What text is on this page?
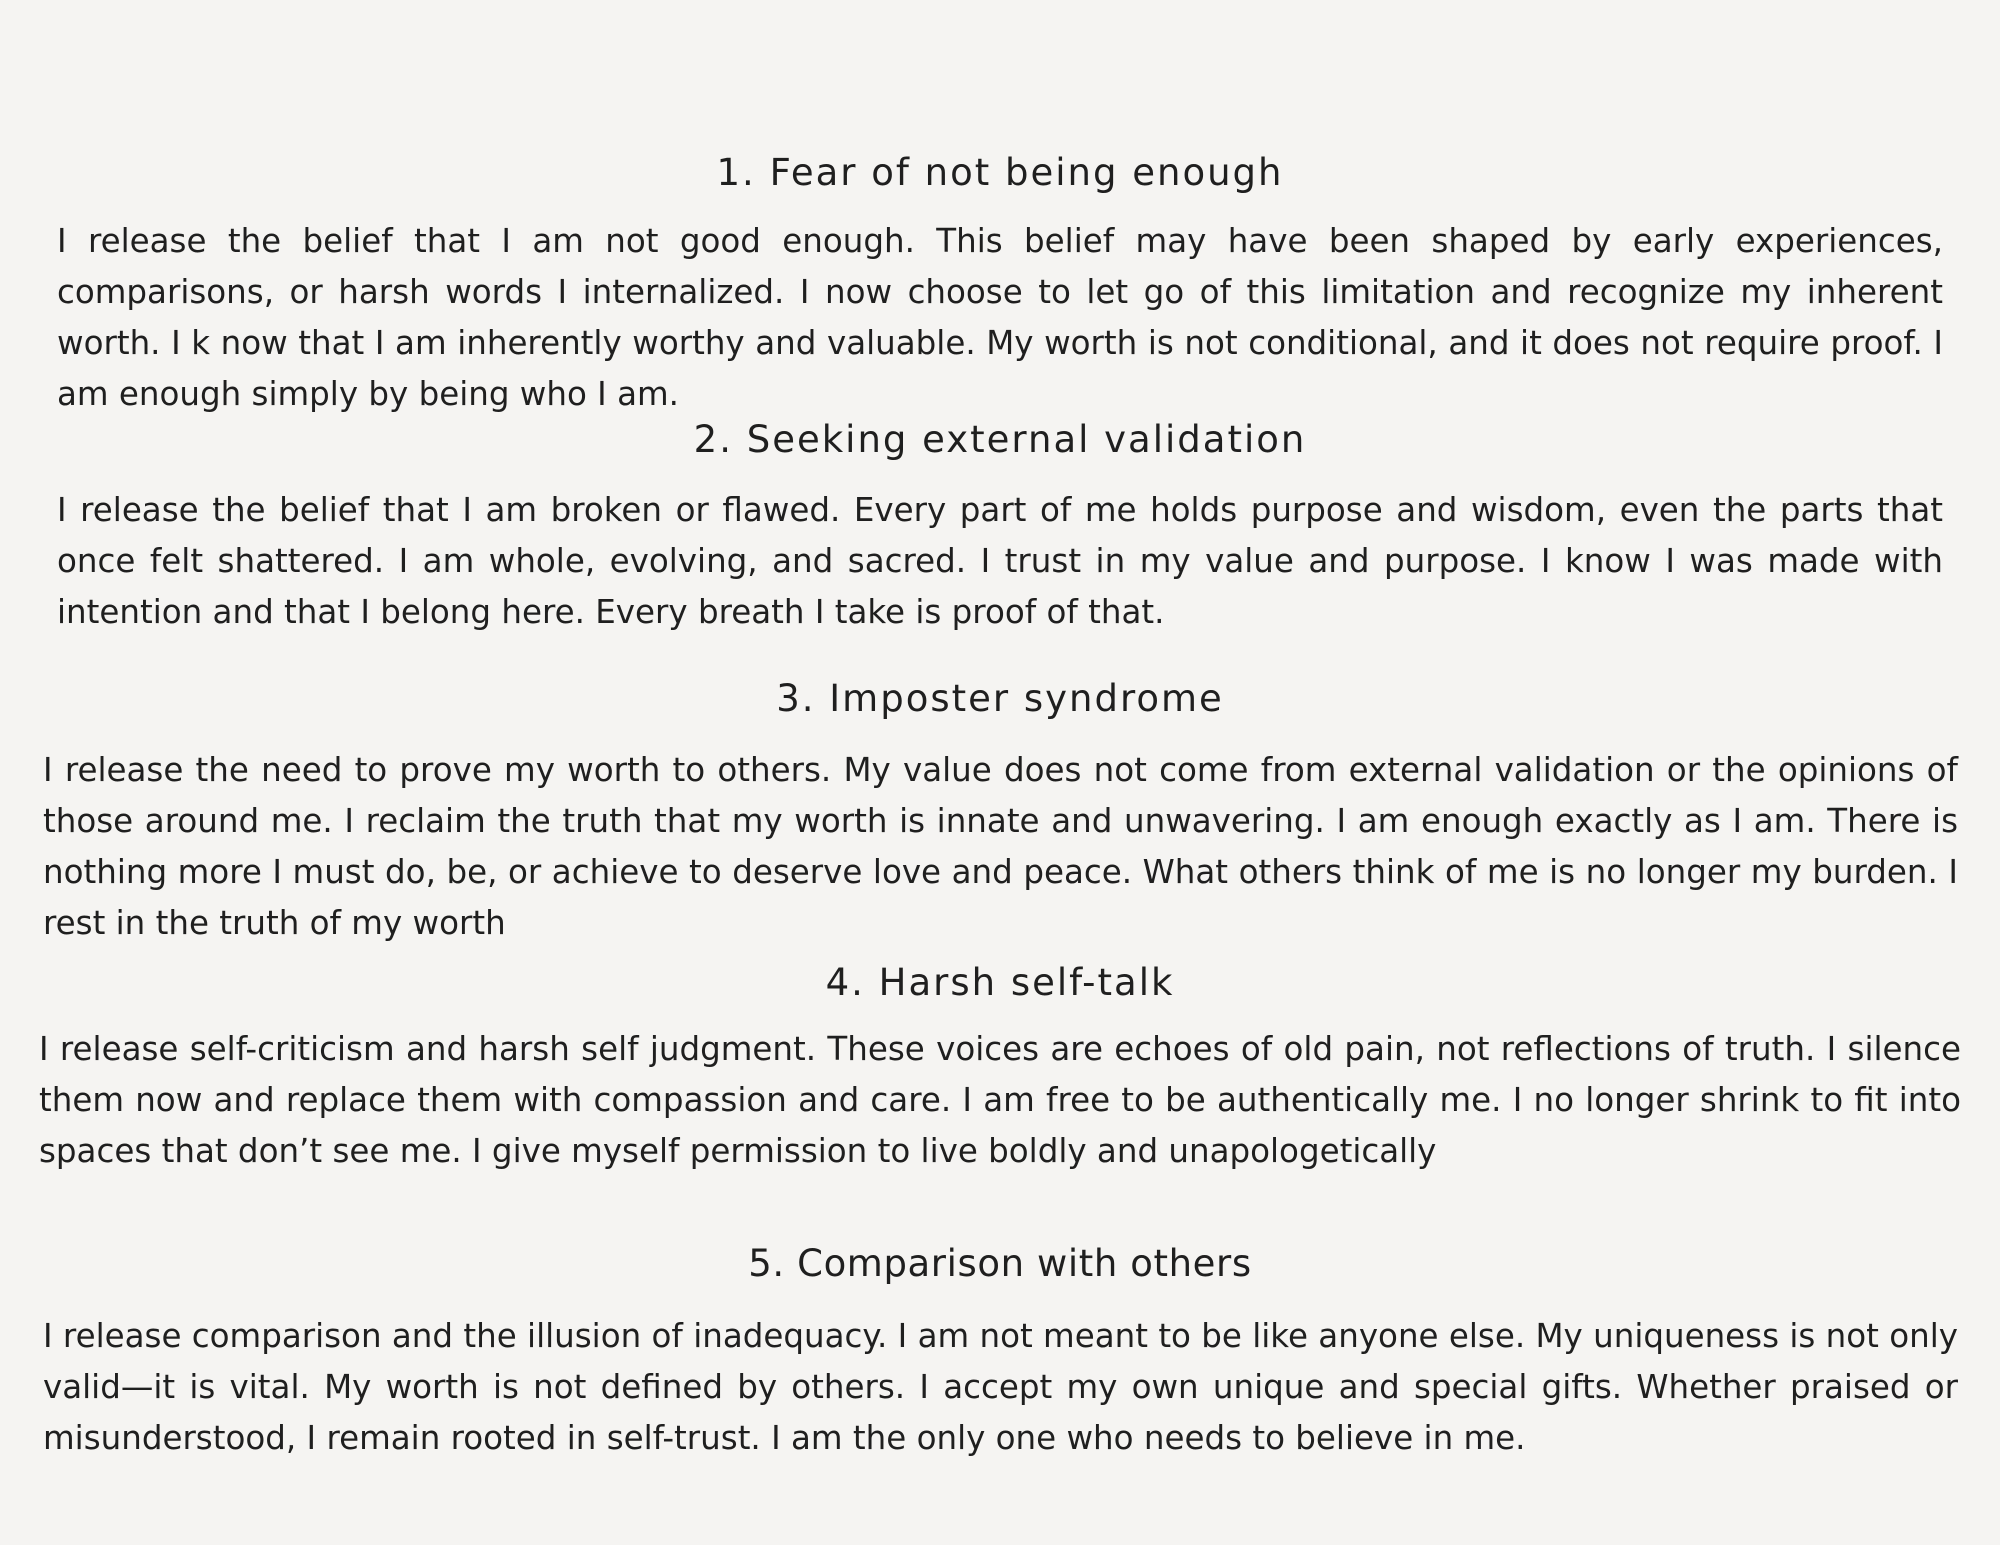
1. Fear of not being enough

I release the belief that I am not good enough. This belief may have been shaped by early experiences, comparisons, or harsh words I internalized. I now choose to let go of this limitation and recognize my inherent worth. I k now that I am inherently worthy and valuable. My worth is not conditional, and it does not require proof. I am enough simply by being who I am.

2. Seeking external validation

I release the belief that I am broken or flawed. Every part of me holds purpose and wisdom, even the parts that once felt shattered. I am whole, evolving, and sacred. I trust in my value and purpose. I know I was made with intention and that I belong here. Every breath I take is proof of that.

3. Imposter syndrome

I release the need to prove my worth to others. My value does not come from external validation or the opinions of those around me. I reclaim the truth that my worth is innate and unwavering. I am enough exactly as I am. There is nothing more I must do, be, or achieve to deserve love and peace. What others think of me is no longer my burden. I rest in the truth of my worth

4. Harsh self-talk

I release self-criticism and harsh self judgment. These voices are echoes of old pain, not reflections of truth. I silence them now and replace them with compassion and care. I am free to be authentically me. I no longer shrink to fit into spaces that don’t see me. I give myself permission to live boldly and unapologetically

5. Comparison with others

I release comparison and the illusion of inadequacy. I am not meant to be like anyone else. My uniqueness is not only valid—it is vital. My worth is not defined by others. I accept my own unique and special gifts. Whether praised or misunderstood, I remain rooted in self-trust. I am the only one who needs to believe in me.
